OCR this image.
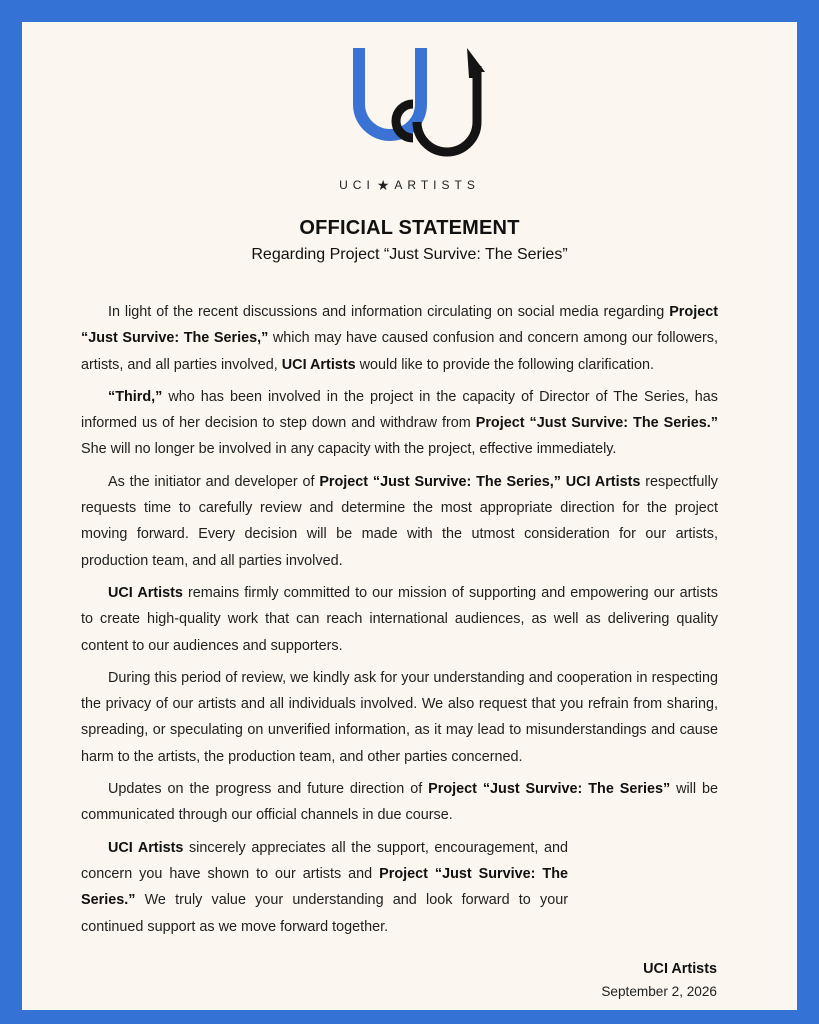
UCI ★ ARTISTS
OFFICIAL STATEMENT
Regarding Project “Just Survive: The Series”

In light of the recent discussions and information circulating on social media regarding Project “Just Survive: The Series,” which may have caused confusion and concern among our followers, artists, and all parties involved, UCI Artists would like to provide the following clarification.

“Third,” who has been involved in the project in the capacity of Director of The Series, has informed us of her decision to step down and withdraw from Project “Just Survive: The Series.” She will no longer be involved in any capacity with the project, effective immediately.

As the initiator and developer of Project “Just Survive: The Series,” UCI Artists respectfully requests time to carefully review and determine the most appropriate direction for the project moving forward. Every decision will be made with the utmost consideration for our artists, production team, and all parties involved.

UCI Artists remains firmly committed to our mission of supporting and empowering our artists to create high-quality work that can reach international audiences, as well as delivering quality content to our audiences and supporters.

During this period of review, we kindly ask for your understanding and cooperation in respecting the privacy of our artists and all individuals involved. We also request that you refrain from sharing, spreading, or speculating on unverified information, as it may lead to misunderstandings and cause harm to the artists, the production team, and other parties concerned.

Updates on the progress and future direction of Project “Just Survive: The Series” will be communicated through our official channels in due course.

UCI Artists sincerely appreciates all the support, encouragement, and concern you have shown to our artists and Project “Just Survive: The Series.” We truly value your understanding and look forward to your continued support as we move forward together.

UCI Artists
September 2, 2026
